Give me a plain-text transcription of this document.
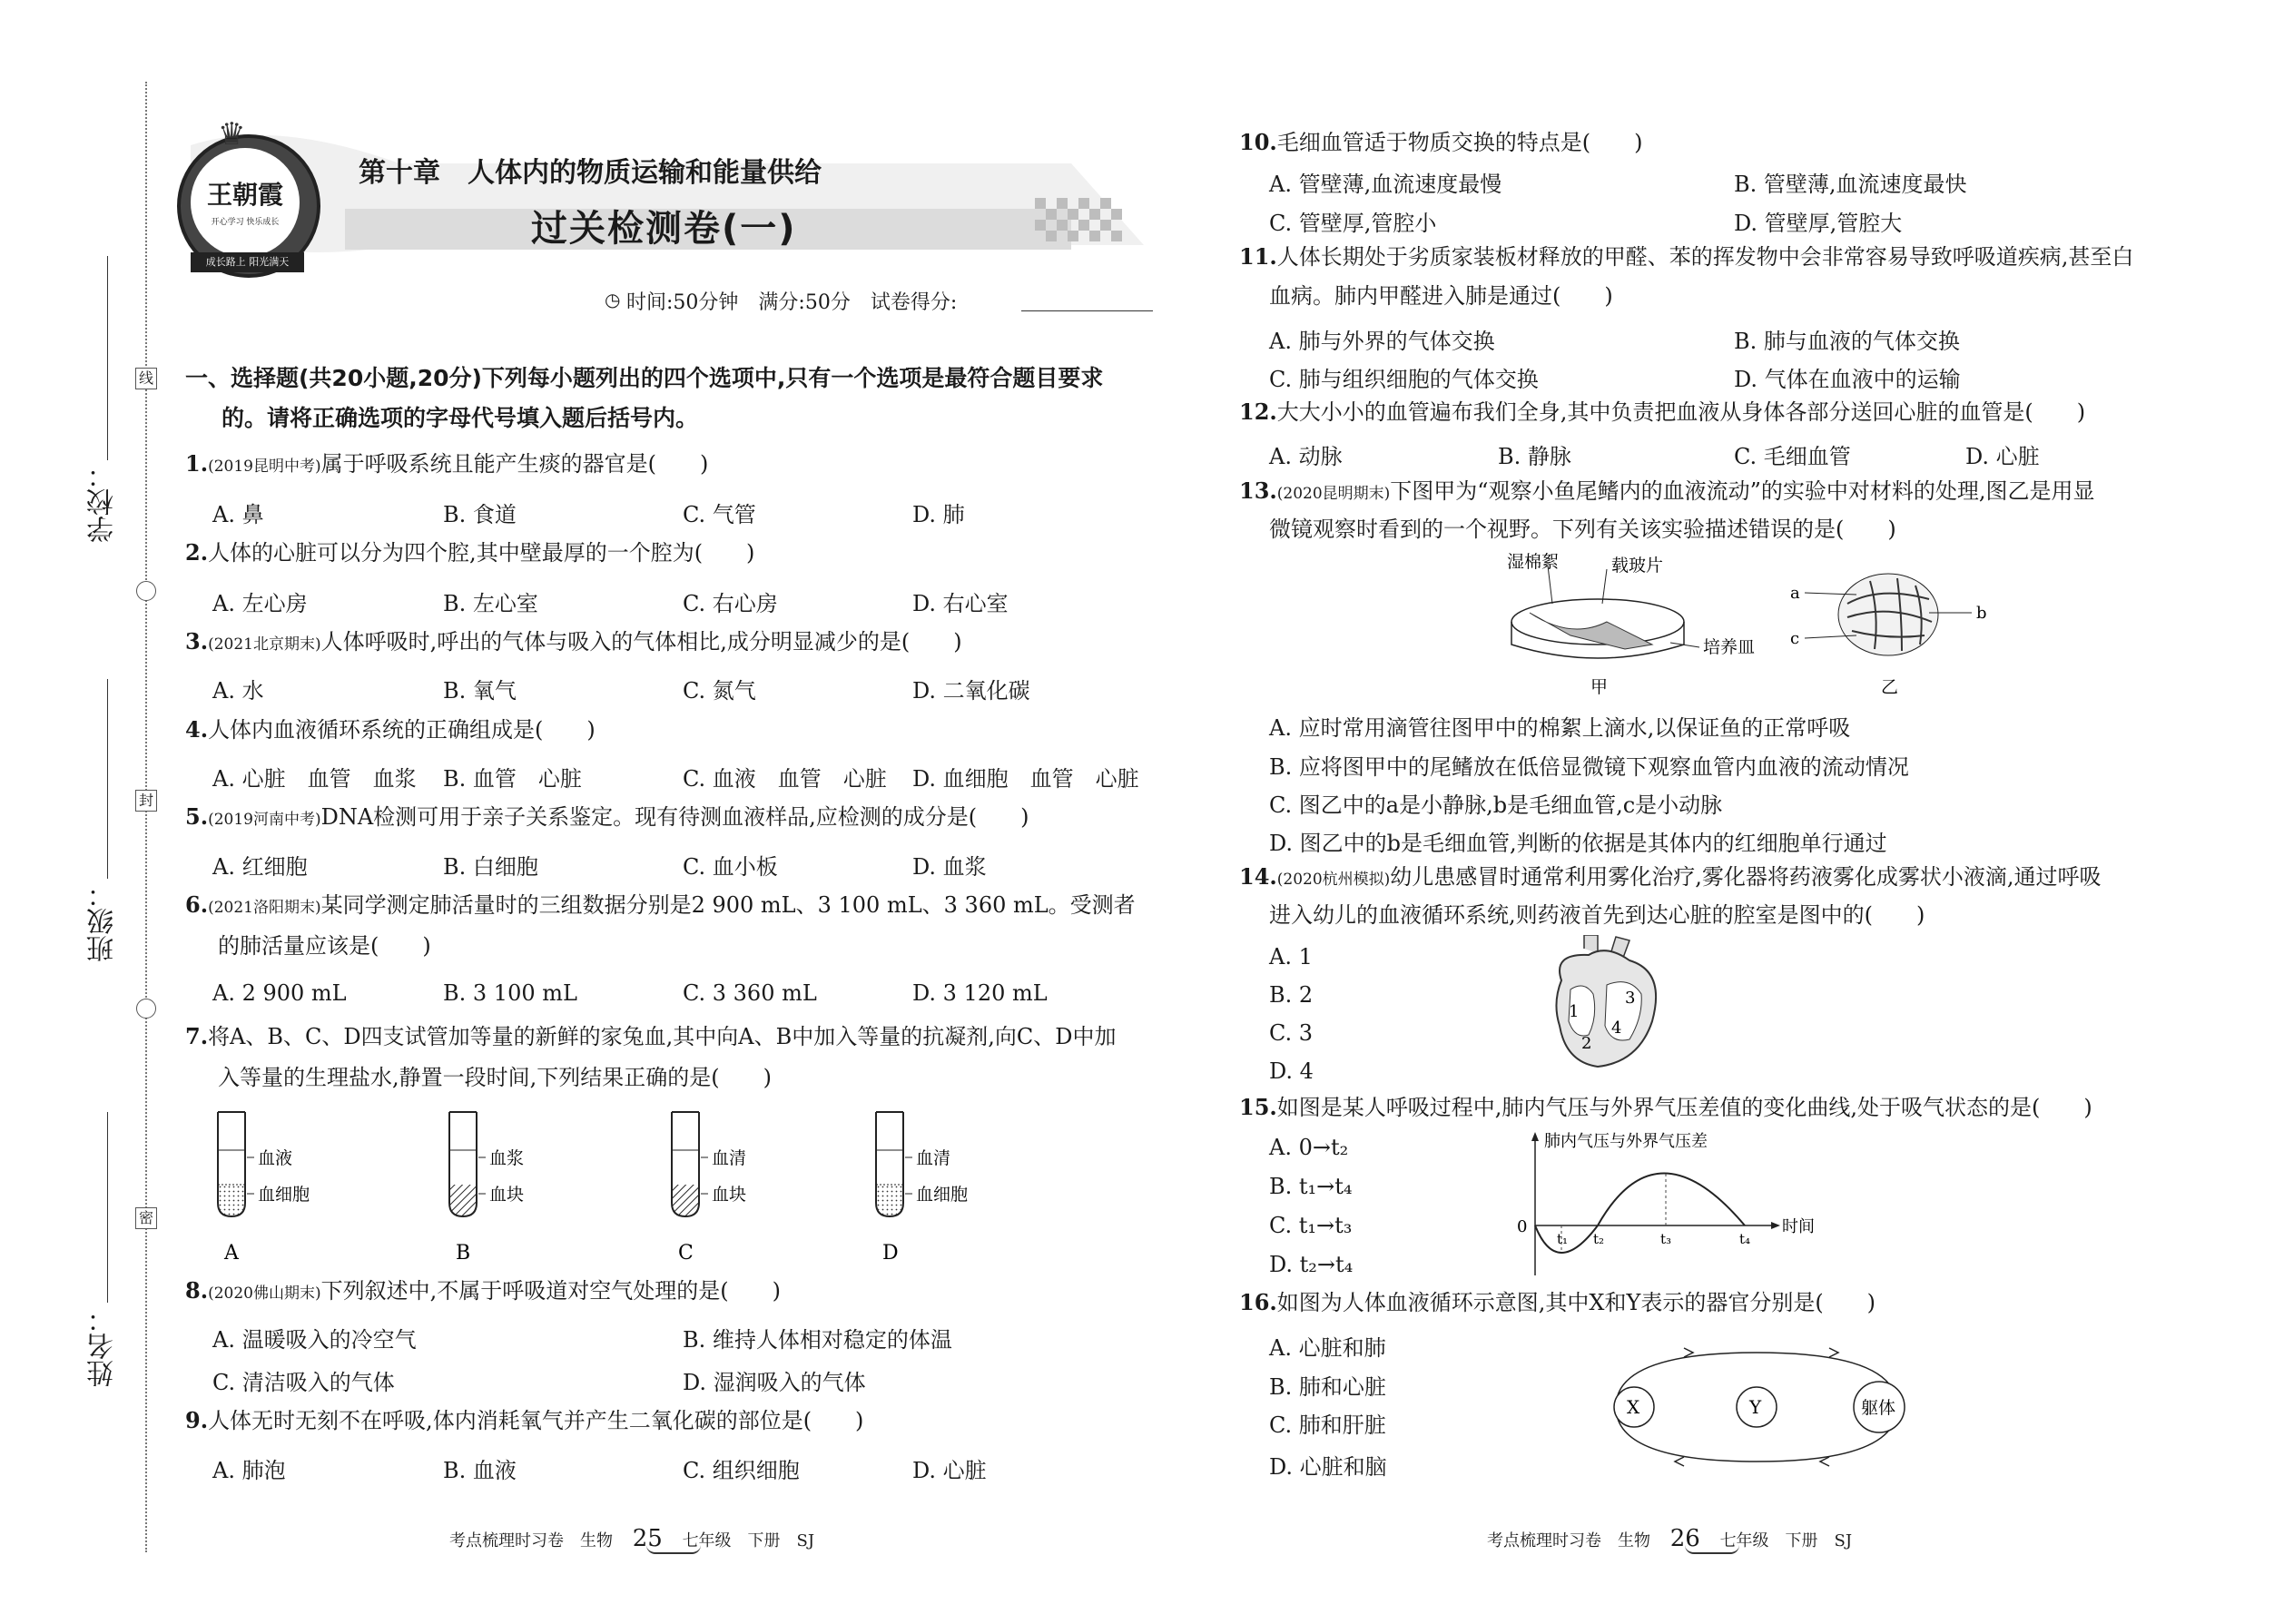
线
封
密
学校：
班级：
姓名：
王朝霞
开心学习 快乐成长
成长路上 阳光满天
♛
第十章　人体内的物质运输和能量供给
过关检测卷(一)
◷ 时间:50分钟　满分:50分　试卷得分:
一、选择题(共20小题,20分)下列每小题列出的四个选项中,只有一个选项是最符合题目要求
的。请将正确选项的字母代号填入题后括号内。
1.(2019昆明中考)属于呼吸系统且能产生痰的器官是(　　)
A. 鼻	B. 食道	C. 气管	D. 肺
2.人体的心脏可以分为四个腔,其中壁最厚的一个腔为(　　)
A. 左心房	B. 左心室	C. 右心房	D. 右心室
3.(2021北京期末)人体呼吸时,呼出的气体与吸入的气体相比,成分明显减少的是(　　)
A. 水	B. 氧气	C. 氮气	D. 二氧化碳
4.人体内血液循环系统的正确组成是(　　)
A. 心脏　血管　血浆 B. 血管　心脏	C. 血液　血管　心脏 D. 血细胞　血管　心脏
5.(2019河南中考)DNA检测可用于亲子关系鉴定。现有待测血液样品,应检测的成分是(　　)
A. 红细胞	B. 白细胞	C. 血小板	D. 血浆
6.(2021洛阳期末)某同学测定肺活量时的三组数据分别是2 900 mL、3 100 mL、3 360 mL。受测者
的肺活量应该是(　　)
A. 2 900 mL	B. 3 100 mL	C. 3 360 mL	D. 3 120 mL
7.将A、B、C、D四支试管加等量的新鲜的家兔血,其中向A、B中加入等量的抗凝剂,向C、D中加
入等量的生理盐水,静置一段时间,下列结果正确的是(　　)
血液
血细胞
血浆
血块
血清
血块
血清
血细胞
A	B	C	D
8.(2020佛山期末)下列叙述中,不属于呼吸道对空气处理的是(　　)
A. 温暖吸入的冷空气	B. 维持人体相对稳定的体温
C. 清洁吸入的气体	D. 湿润吸入的气体
9.人体无时无刻不在呼吸,体内消耗氧气并产生二氧化碳的部位是(　　)
A. 肺泡	B. 血液	C. 组织细胞	D. 心脏
考点梳理时习卷　生物 25 七年级　下册　SJ
10.毛细血管适于物质交换的特点是(　　)
A. 管壁薄,血流速度最慢	B. 管壁薄,血流速度最快
C. 管壁厚,管腔小	D. 管壁厚,管腔大
11.人体长期处于劣质家装板材释放的甲醛、苯的挥发物中会非常容易导致呼吸道疾病,甚至白
血病。肺内甲醛进入肺是通过(　　)
A. 肺与外界的气体交换	B. 肺与血液的气体交换
C. 肺与组织细胞的气体交换	D. 气体在血液中的运输
12.大大小小的血管遍布我们全身,其中负责把血液从身体各部分送回心脏的血管是(　　)
A. 动脉	B. 静脉	C. 毛细血管	D. 心脏
13.(2020昆明期末)下图甲为“观察小鱼尾鳍内的血液流动”的实验中对材料的处理,图乙是用显
微镜观察时看到的一个视野。下列有关该实验描述错误的是(　　)
湿棉絮	载玻片
培养皿
甲
a
c
b
乙
A. 应时常用滴管往图甲中的棉絮上滴水,以保证鱼的正常呼吸
B. 应将图甲中的尾鳍放在低倍显微镜下观察血管内血液的流动情况
C. 图乙中的a是小静脉,b是毛细血管,c是小动脉
D. 图乙中的b是毛细血管,判断的依据是其体内的红细胞单行通过
14.(2020杭州模拟)幼儿患感冒时通常利用雾化治疗,雾化器将药液雾化成雾状小液滴,通过呼吸
进入幼儿的血液循环系统,则药液首先到达心脏的腔室是图中的(　　)
A. 1
B. 2
C. 3
D. 4
1
2
3
4
15.如图是某人呼吸过程中,肺内气压与外界气压差值的变化曲线,处于吸气状态的是(　　)
A. 0→t₂
B. t₁→t₄
C. t₁→t₃
D. t₂→t₄
肺内气压与外界气压差
时间
0
t₁ t₂	t₃	t₄
16.如图为人体血液循环示意图,其中X和Y表示的器官分别是(　　)
A. 心脏和肺
B. 肺和心脏
C. 肺和肝脏
D. 心脏和脑
X	Y	躯体
考点梳理时习卷　生物 26 七年级　下册　SJ
